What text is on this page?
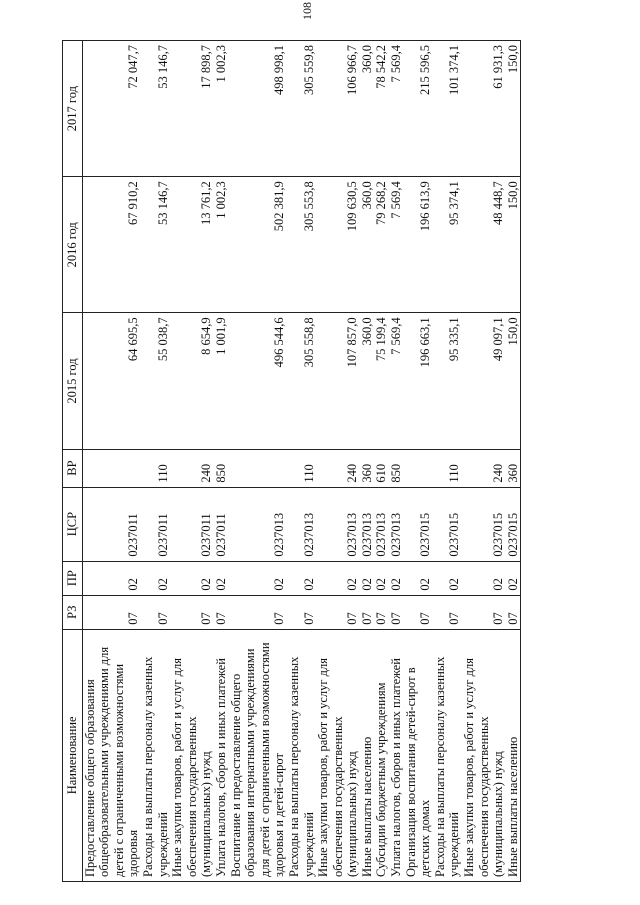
108
Наименование	РЗ	ПР	ЦСР	ВР	2015 год	2016 год	2017 год

Предоставление общего образования общеобразовательными учреждениями для детей с ограниченными возможностями здоровья	07	02	0237011		64 695,5	67 910,2	72 047,7

Расходы на выплаты персоналу казенных учреждений	07	02	0237011	110	55 038,7	53 146,7	53 146,7

Иные закупки товаров, работ и услуг для обеспечения государственных (муниципальных) нужд	07	02	0237011	240	8 654,9	13 761,2	17 898,7

Уплата налогов, сборов и иных платежей	07	02	0237011	850	1 001,9	1 002,3	1 002,3

Воспитание и предоставление общего образования интернатными учреждениями для детей с ограниченными возможностями здоровья и детей-сирот	07	02	0237013		496 544,6	502 381,9	498 998,1

Расходы на выплаты персоналу казенных учреждений	07	02	0237013	110	305 558,8	305 553,8	305 559,8

Иные закупки товаров, работ и услуг для обеспечения государственных (муниципальных) нужд	07	02	0237013	240	107 857,0	109 630,5	106 966,7

Иные выплаты населению	07	02	0237013	360	360,0	360,0	360,0

Субсидии бюджетным учреждениям	07	02	0237013	610	75 199,4	79 268,2	78 542,2

Уплата налогов, сборов и иных платежей	07	02	0237013	850	7 569,4	7 569,4	7 569,4

Организация воспитания детей-сирот в детских домах	07	02	0237015		196 663,1	196 613,9	215 596,5

Расходы на выплаты персоналу казенных учреждений	07	02	0237015	110	95 335,1	95 374,1	101 374,1

Иные закупки товаров, работ и услуг для обеспечения государственных (муниципальных) нужд	07	02	0237015	240	49 097,1	48 448,7	61 931,3

Иные выплаты населению	07	02	0237015	360	150,0	150,0	150,0
